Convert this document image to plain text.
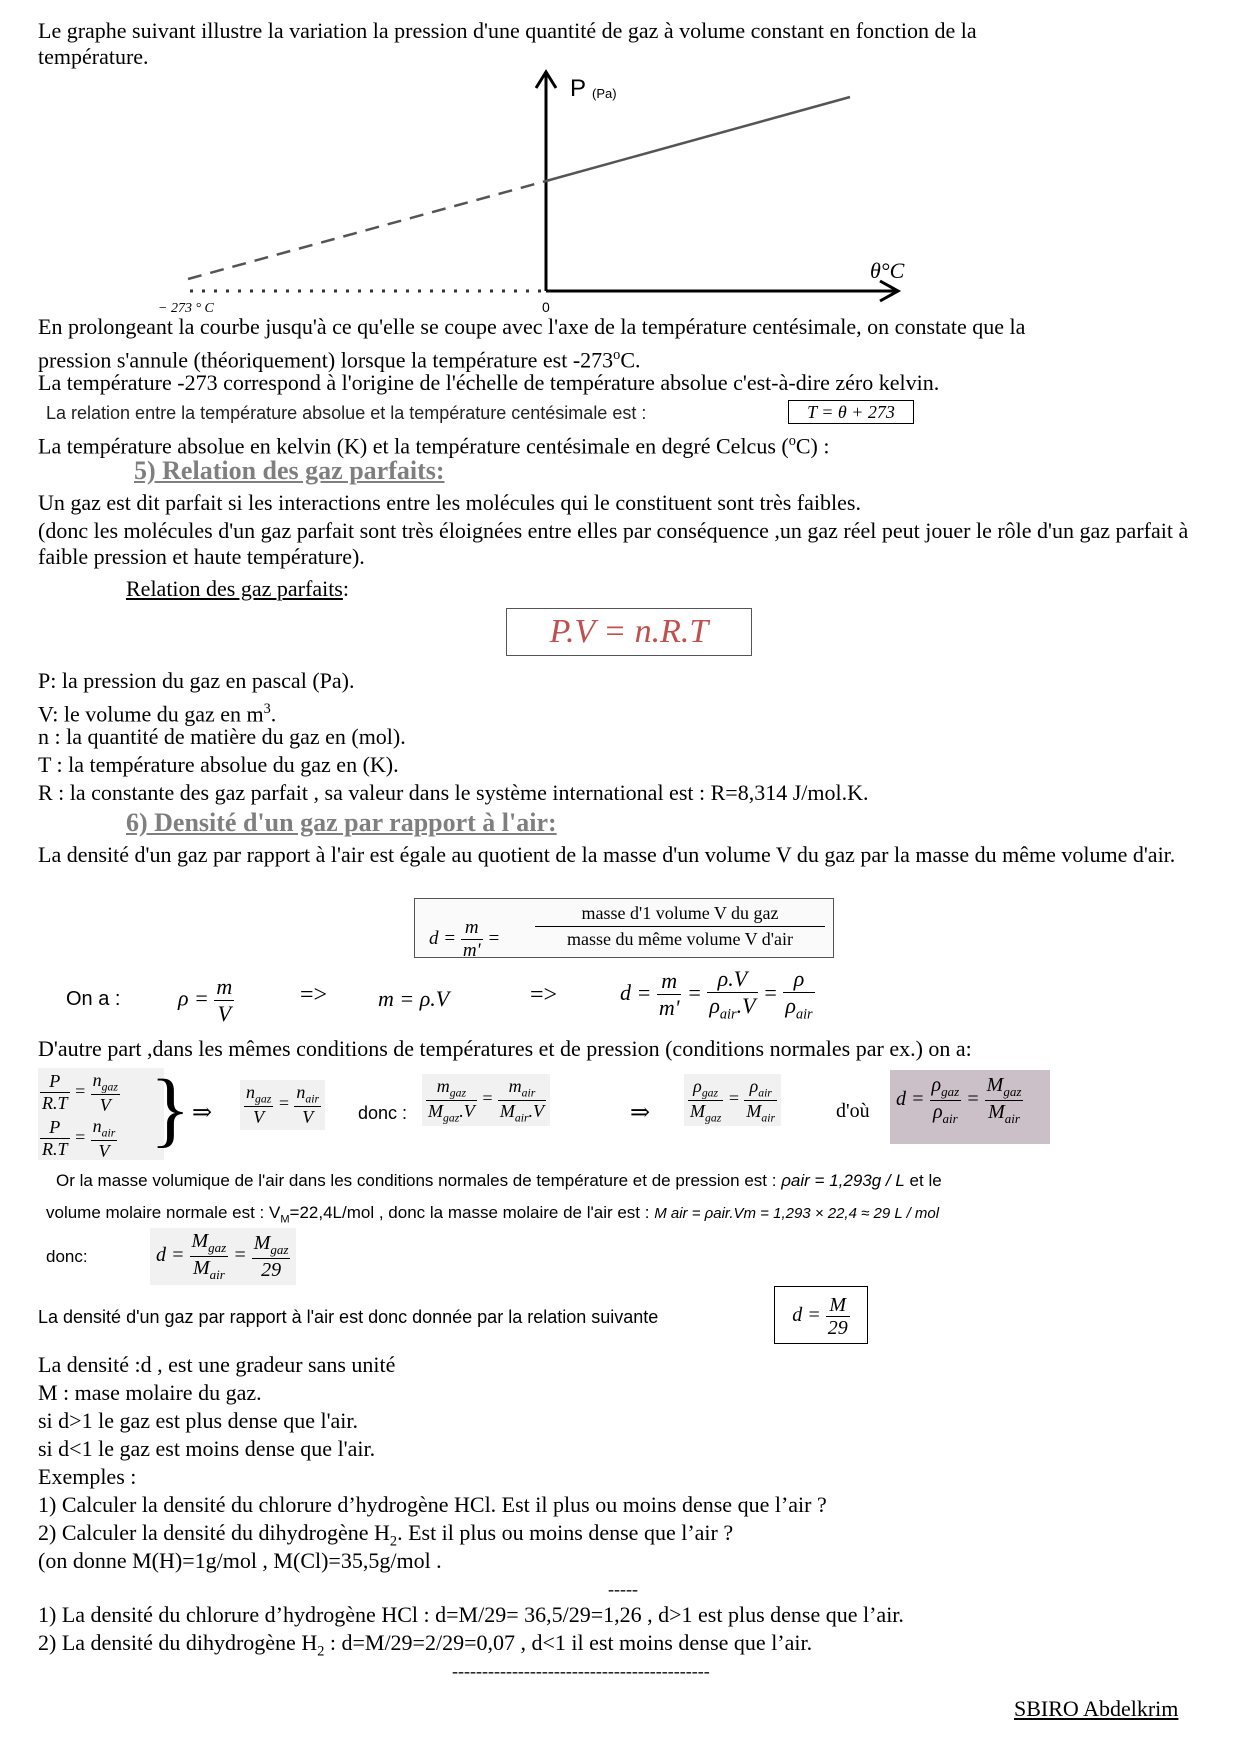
Le graphe suivant illustre la variation la pression d'une quantité de gaz à volume constant en fonction de la
température.
P (Pa)
θ°C
0
− 273 ° C
En prolongeant la courbe jusqu'à ce qu'elle se coupe avec l'axe de la température centésimale, on constate que la
pression s'annule (théoriquement) lorsque la température est -273$^o$C.
La température -273 correspond à l'origine de l'échelle de température absolue c'est-à-dire zéro kelvin.
La relation entre la température absolue et la température centésimale est :	T = θ + 273
La température absolue en kelvin (K) et la température centésimale en degré Celcus ($^o$C) :
5) Relation des gaz parfaits:
Un gaz est dit parfait si les interactions entre les molécules qui le constituent sont très faibles.
(donc les molécules d'un gaz parfait sont très éloignées entre elles par conséquence ,un gaz réel peut jouer le rôle d'un gaz parfait à faible pression et haute température).
Relation des gaz parfaits:
P.V = n.R.T
P: la pression du gaz en pascal (Pa).
V: le volume du gaz en $m^3$.
n : la quantité de matière du gaz en (mol).
T : la température absolue du gaz en (K).
R : la constante des gaz parfait , sa valeur dans le système international est : R=8,314 J/mol.K.
6) Densité d'un gaz par rapport à l'air:
La densité d'un gaz par rapport à l'air est égale au quotient de la masse d'un volume V du gaz par la masse du même volume d'air.
$d = \frac{m}{m'}$ =
masse d'1 volume V du gaz
masse du même volume V d'air
On a :	$\rho = \frac{m}{V}$	=> m = ρ.V	=>	$d = \frac{m}{m'} = \frac{\rho.V}{\rho_{air}.V} = \frac{\rho}{\rho_{air}}$
D'autre part ,dans les mêmes conditions de températures et de pression (conditions normales par ex.) on a:
$\frac{P}{R.T} = \frac{n_{gaz}}{V}$
$\frac{P}{R.T} = \frac{n_{air}}{V}$ } ⇒ $\frac{n_{gaz}}{V} = \frac{n_{air}}{V}$ donc : $\frac{m_{gaz}}{M_{gaz}.V} = \frac{m_{air}}{M_{air}.V}$	⇒ $\frac{\rho_{gaz}}{M_{gaz}} = \frac{\rho_{air}}{M_{air}}$	d'où
$d = \frac{\rho_{gaz}}{\rho_{air}} = \frac{M_{gaz}}{M_{air}}$
Or la masse volumique de l'air dans les conditions normales de température et de pression est : ρair = 1,293g / L et le
volume molaire normale est : $V_M=22,4L$/mol , donc la masse molaire de l'air est : M air = ρair.Vm = 1,293 × 22,4 ≈ 29 L / mol
donc:	$d = \frac{M_{gaz}}{M_{air}} = \frac{M_{gaz}}{29}$
La densité d'un gaz par rapport à l'air est donc donnée par la relation suivante	$d = \frac{M}{29}$
La densité :d , est une gradeur sans unité
M : mase molaire du gaz.
si d>1 le gaz est plus dense que l'air.
si d<1 le gaz est moins dense que l'air.
Exemples :
1) Calculer la densité du chlorure d’hydrogène HCl. Est il plus ou moins dense que l’air ?
2) Calculer la densité du dihydrogène $H_2$. Est il plus ou moins dense que l’air ?
(on donne M(H)=1g/mol , M(Cl)=35,5g/mol .
-----
1) La densité du chlorure d’hydrogène HCl : d=M/29= 36,5/29=1,26 , d>1 est plus dense que l’air.
2) La densité du dihydrogène $H_2$ : d=M/29=2/29=0,07 , d<1 il est moins dense que l’air.
-------------------------------------------
SBIRO Abdelkrim
